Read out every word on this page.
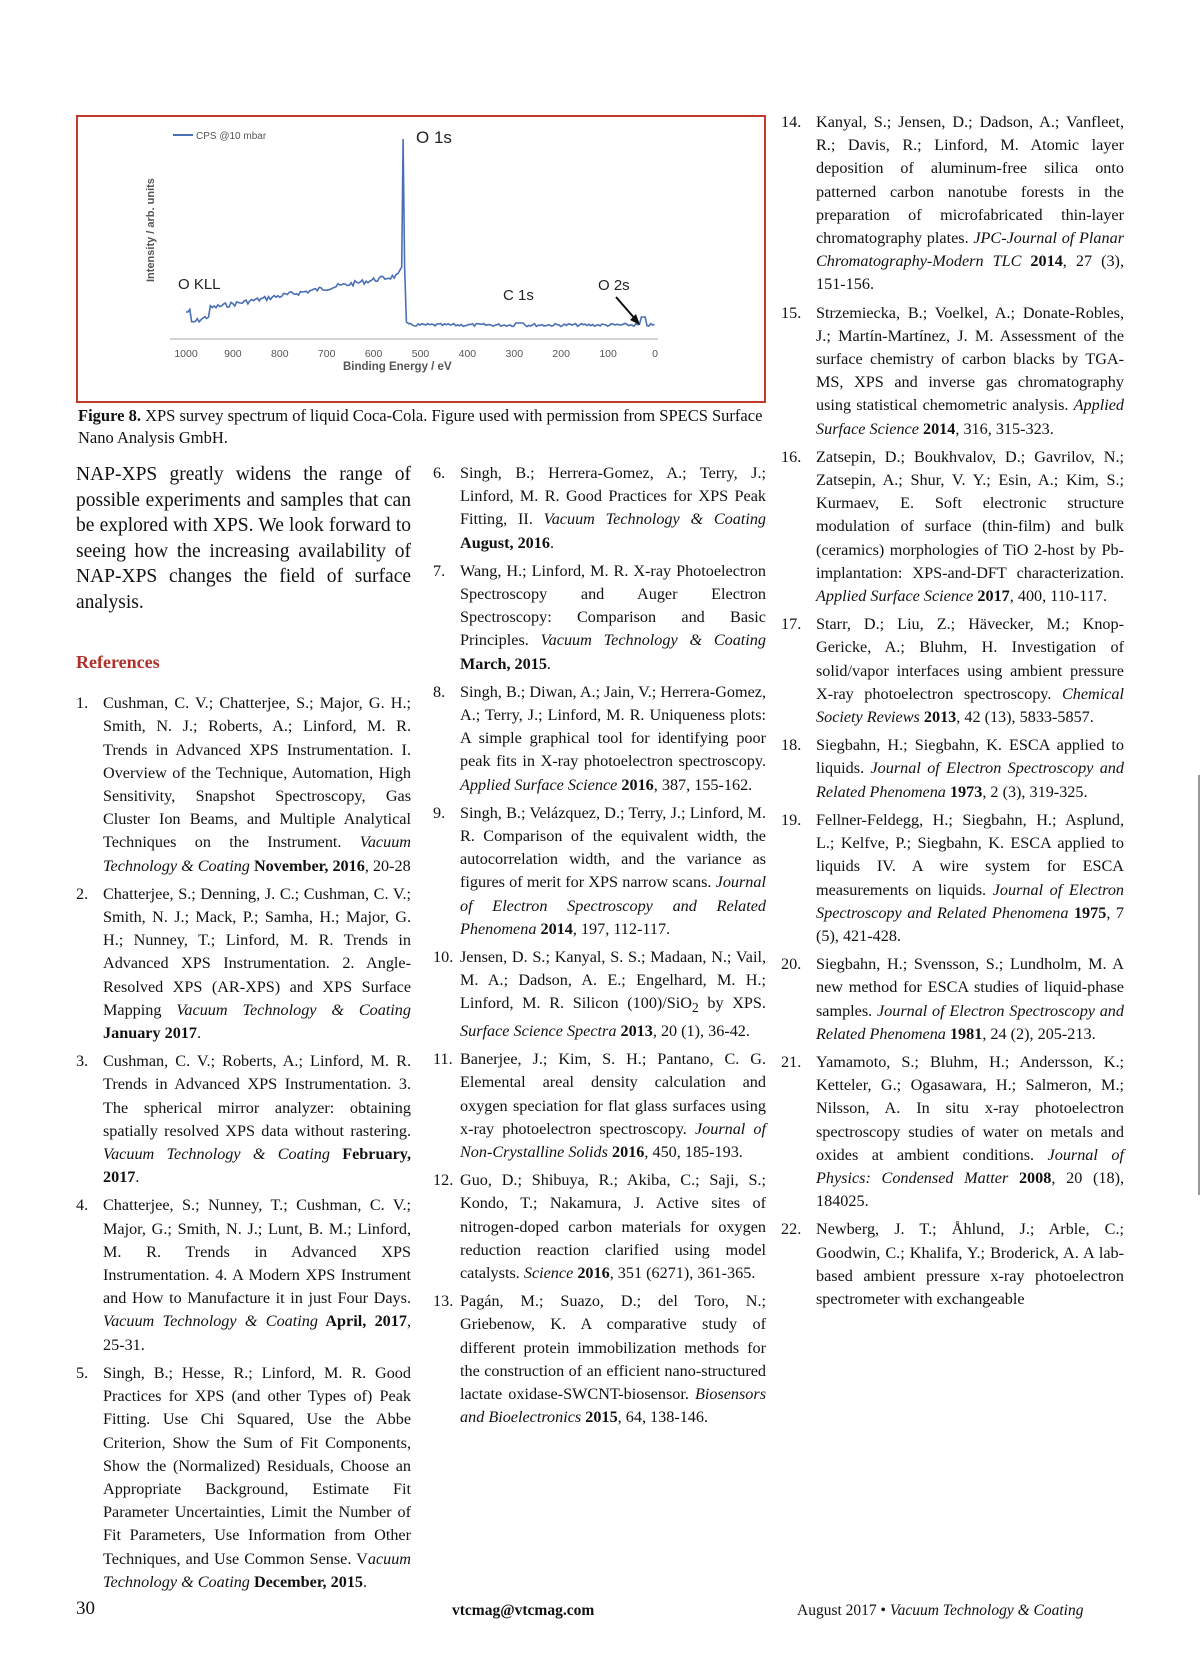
CPS @10 mbar
Intensity / arb. units
1000	900	800	700	600	500	400	300	200	100	0
Binding Energy / eV
O 1s
O KLL
C 1s
O 2s
Figure 8. XPS survey spectrum of liquid Coca-Cola. Figure used with permission from SPECS Surface Nano Analysis GmbH.

NAP-XPS greatly widens the range of possible experiments and samples that can be explored with XPS. We look forward to seeing how the increasing availability of NAP-XPS changes the field of surface analysis.

References
1. Cushman, C. V.; Chatterjee, S.; Major, G. H.; Smith, N. J.; Roberts, A.; Linford, M. R. Trends in Advanced XPS Instrumentation. I. Overview of the Technique, Automation, High Sensitivity, Snapshot Spectroscopy, Gas Cluster Ion Beams, and Multiple Analytical Techniques on the Instrument. Vacuum Technology & Coating November, 2016, 20-28
2. Chatterjee, S.; Denning, J. C.; Cushman, C. V.; Smith, N. J.; Mack, P.; Samha, H.; Major, G. H.; Nunney, T.; Linford, M. R. Trends in Advanced XPS Instrumentation. 2. Angle-Resolved XPS (AR-XPS) and XPS Surface Mapping Vacuum Technology & Coating January 2017.
3. Cushman, C. V.; Roberts, A.; Linford, M. R. Trends in Advanced XPS Instrumentation. 3. The spherical mirror analyzer: obtaining spatially resolved XPS data without rastering. Vacuum Technology & Coating February, 2017.
4. Chatterjee, S.; Nunney, T.; Cushman, C. V.; Major, G.; Smith, N. J.; Lunt, B. M.; Linford, M. R. Trends in Advanced XPS Instrumentation. 4. A Modern XPS Instrument and How to Manufacture it in just Four Days. Vacuum Technology & Coating April, 2017, 25-31.
5. Singh, B.; Hesse, R.; Linford, M. R. Good Practices for XPS (and other Types of) Peak Fitting. Use Chi Squared, Use the Abbe Criterion, Show the Sum of Fit Components, Show the (Normalized) Residuals, Choose an Appropriate Background, Estimate Fit Parameter Uncertainties, Limit the Number of Fit Parameters, Use Information from Other Techniques, and Use Common Sense. Vacuum Technology & Coating December, 2015.
6. Singh, B.; Herrera-Gomez, A.; Terry, J.; Linford, M. R. Good Practices for XPS Peak Fitting, II. Vacuum Technology & Coating August, 2016.
7. Wang, H.; Linford, M. R. X-ray Photoelectron Spectroscopy and Auger Electron Spectroscopy: Comparison and Basic Principles. Vacuum Technology & Coating March, 2015.
8. Singh, B.; Diwan, A.; Jain, V.; Herrera-Gomez, A.; Terry, J.; Linford, M. R. Uniqueness plots: A simple graphical tool for identifying poor peak fits in X-ray photoelectron spectroscopy. Applied Surface Science 2016, 387, 155-162.
9. Singh, B.; Velázquez, D.; Terry, J.; Linford, M. R. Comparison of the equivalent width, the autocorrelation width, and the variance as figures of merit for XPS narrow scans. Journal of Electron Spectroscopy and Related Phenomena 2014, 197, 112-117.
10. Jensen, D. S.; Kanyal, S. S.; Madaan, N.; Vail, M. A.; Dadson, A. E.; Engelhard, M. H.; Linford, M. R. Silicon (100)/SiO$_2$ by XPS. Surface Science Spectra 2013, 20 (1), 36-42.
11. Banerjee, J.; Kim, S. H.; Pantano, C. G. Elemental areal density calculation and oxygen speciation for flat glass surfaces using x-ray photoelectron spectroscopy. Journal of Non-Crystalline Solids 2016, 450, 185-193.
12. Guo, D.; Shibuya, R.; Akiba, C.; Saji, S.; Kondo, T.; Nakamura, J. Active sites of nitrogen-doped carbon materials for oxygen reduction reaction clarified using model catalysts. Science 2016, 351 (6271), 361-365.
13. Pagán, M.; Suazo, D.; del Toro, N.; Griebenow, K. A comparative study of different protein immobilization methods for the construction of an efficient nano-structured lactate oxidase-SWCNT-biosensor. Biosensors and Bioelectronics 2015, 64, 138-146.
14. Kanyal, S.; Jensen, D.; Dadson, A.; Vanfleet, R.; Davis, R.; Linford, M. Atomic layer deposition of aluminum-free silica onto patterned carbon nanotube forests in the preparation of microfabricated thin-layer chromatography plates. JPC-Journal of Planar Chromatography-Modern TLC 2014, 27 (3), 151-156.
15. Strzemiecka, B.; Voelkel, A.; Donate-Robles, J.; Martín-Martínez, J. M. Assessment of the surface chemistry of carbon blacks by TGA-MS, XPS and inverse gas chromatography using statistical chemometric analysis. Applied Surface Science 2014, 316, 315-323.
16. Zatsepin, D.; Boukhvalov, D.; Gavrilov, N.; Zatsepin, A.; Shur, V. Y.; Esin, A.; Kim, S.; Kurmaev, E. Soft electronic structure modulation of surface (thin-film) and bulk (ceramics) morphologies of TiO 2-host by Pb-implantation: XPS-and-DFT characterization. Applied Surface Science 2017, 400, 110-117.
17. Starr, D.; Liu, Z.; Hävecker, M.; Knop-Gericke, A.; Bluhm, H. Investigation of solid/vapor interfaces using ambient pressure X-ray photoelectron spectroscopy. Chemical Society Reviews 2013, 42 (13), 5833-5857.
18. Siegbahn, H.; Siegbahn, K. ESCA applied to liquids. Journal of Electron Spectroscopy and Related Phenomena 1973, 2 (3), 319-325.
19. Fellner-Feldegg, H.; Siegbahn, H.; Asplund, L.; Kelfve, P.; Siegbahn, K. ESCA applied to liquids IV. A wire system for ESCA measurements on liquids. Journal of Electron Spectroscopy and Related Phenomena 1975, 7 (5), 421-428.
20. Siegbahn, H.; Svensson, S.; Lundholm, M. A new method for ESCA studies of liquid-phase samples. Journal of Electron Spectroscopy and Related Phenomena 1981, 24 (2), 205-213.
21. Yamamoto, S.; Bluhm, H.; Andersson, K.; Ketteler, G.; Ogasawara, H.; Salmeron, M.; Nilsson, A. In situ x-ray photoelectron spectroscopy studies of water on metals and oxides at ambient conditions. Journal of Physics: Condensed Matter 2008, 20 (18), 184025.
22. Newberg, J. T.; Åhlund, J.; Arble, C.; Goodwin, C.; Khalifa, Y.; Broderick, A. A lab-based ambient pressure x-ray photoelectron spectrometer with exchangeable
30	vtcmag@vtcmag.com	August 2017 • Vacuum Technology & Coating
